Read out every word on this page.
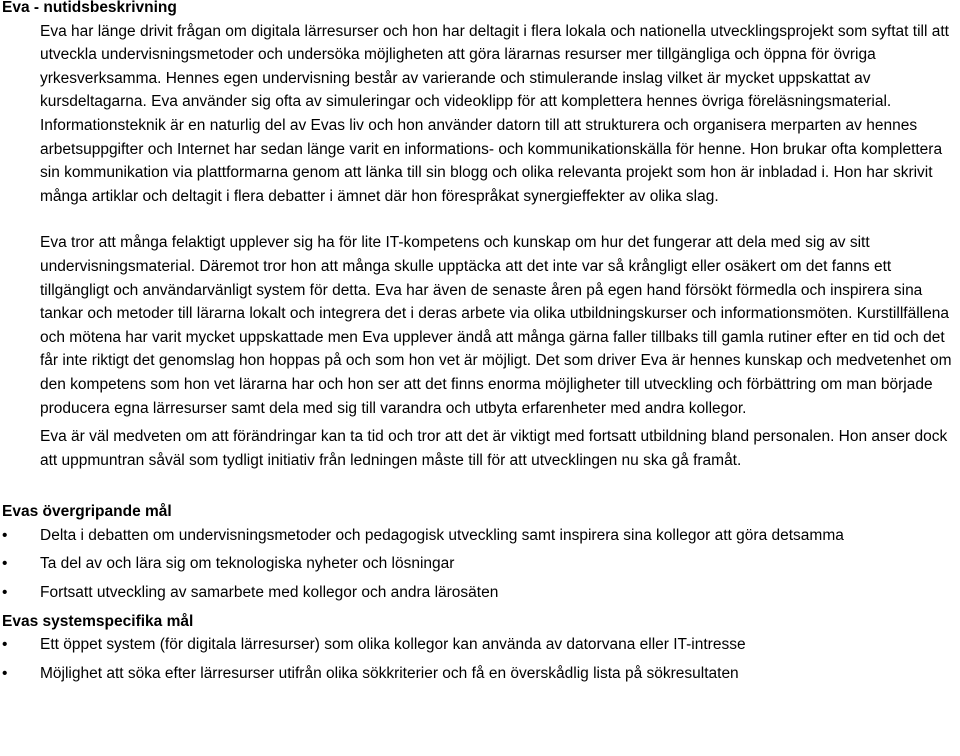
Eva - nutidsbeskrivning

Eva har länge drivit frågan om digitala lärresurser och hon har deltagit i flera lokala och nationella utvecklingsprojekt som syftat till att utveckla undervisningsmetoder och undersöka möjligheten att göra lärarnas resurser mer tillgängliga och öppna för övriga yrkesverksamma. Hennes egen undervisning består av varierande och stimulerande inslag vilket är mycket uppskattat av kursdeltagarna. Eva använder sig ofta av simuleringar och videoklipp för att komplettera hennes övriga föreläsningsmaterial. Informationsteknik är en naturlig del av Evas liv och hon använder datorn till att strukturera och organisera merparten av hennes arbetsuppgifter och Internet har sedan länge varit en informations- och kommunikationskälla för henne. Hon brukar ofta komplettera sin kommunikation via plattformarna genom att länka till sin blogg och olika relevanta projekt som hon är inbladad i. Hon har skrivit många artiklar och deltagit i flera debatter i ämnet där hon förespråkat synergieffekter av olika slag.

Eva tror att många felaktigt upplever sig ha för lite IT-kompetens och kunskap om hur det fungerar att dela med sig av sitt undervisningsmaterial. Däremot tror hon att många skulle upptäcka att det inte var så krångligt eller osäkert om det fanns ett tillgängligt och användarvänligt system för detta. Eva har även de senaste åren på egen hand försökt förmedla och inspirera sina tankar och metoder till lärarna lokalt och integrera det i deras arbete via olika utbildningskurser och informationsmöten. Kurstillfällena och mötena har varit mycket uppskattade men Eva upplever ändå att många gärna faller tillbaks till gamla rutiner efter en tid och det får inte riktigt det genomslag hon hoppas på och som hon vet är möjligt. Det som driver Eva är hennes kunskap och medvetenhet om den kompetens som hon vet lärarna har och hon ser att det finns enorma möjligheter till utveckling och förbättring om man började producera egna lärresurser samt dela med sig till varandra och utbyta erfarenheter med andra kollegor.

Eva är väl medveten om att förändringar kan ta tid och tror att det är viktigt med fortsatt utbildning bland personalen. Hon anser dock att uppmuntran såväl som tydligt initiativ från ledningen måste till för att utvecklingen nu ska gå framåt.

Evas övergripande mål
•	Delta i debatten om undervisningsmetoder och pedagogisk utveckling samt inspirera sina kollegor att göra detsamma
•	Ta del av och lära sig om teknologiska nyheter och lösningar
•	Fortsatt utveckling av samarbete med kollegor och andra lärosäten
Evas systemspecifika mål
•	Ett öppet system (för digitala lärresurser) som olika kollegor kan använda av datorvana eller IT-intresse
•	Möjlighet att söka efter lärresurser utifrån olika sökkriterier och få en överskådlig lista på sökresultaten
